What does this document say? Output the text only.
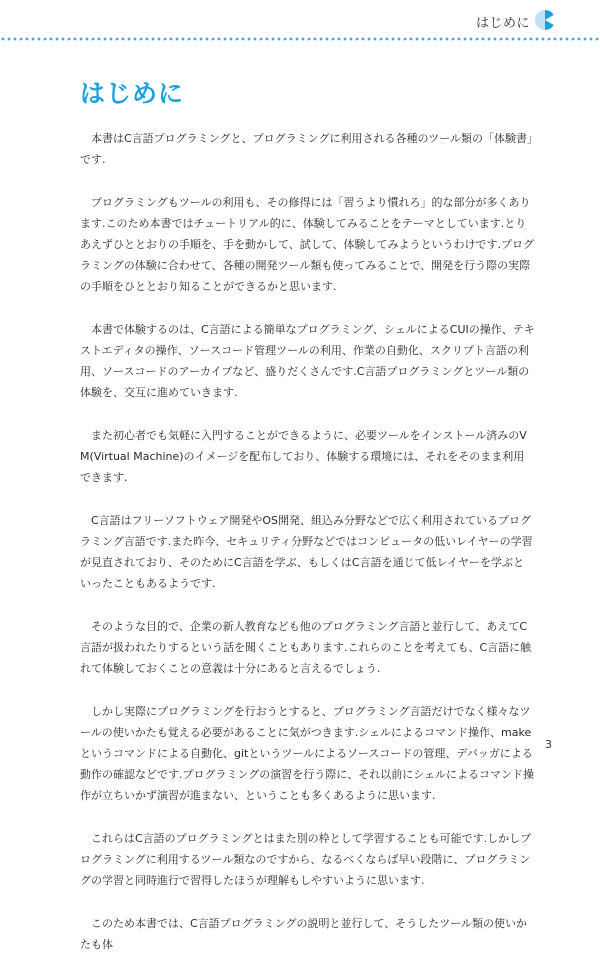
はじめに
はじめに

本書はC言語プログラミングと、プログラミングに利用される各種のツール類の「体験書」です.

プログラミングもツールの利用も、その修得には「習うより慣れろ」的な部分が多くあります.このため本書ではチュートリアル的に、体験してみることをテーマとしています.とりあえずひととおりの手順を、手を動かして、試して、体験してみようというわけです.プログラミングの体験に合わせて、各種の開発ツール類も使ってみることで、開発を行う際の実際の手順をひととおり知ることができるかと思います.

本書で体験するのは、C言語による簡単なプログラミング、シェルによるCUIの操作、テキストエディタの操作、ソースコード管理ツールの利用、作業の自動化、スクリプト言語の利用、ソースコードのアーカイブなど、盛りだくさんです.C言語プログラミングとツール類の体験を、交互に進めていきます.

また初心者でも気軽に入門することができるように、必要ツールをインストール済みのVM(Virtual Machine)のイメージを配布しており、体験する環境には、それをそのまま利用できます.

C言語はフリーソフトウェア開発やOS開発、組込み分野などで広く利用されているプログラミング言語です.また昨今、セキュリティ分野などではコンピュータの低いレイヤーの学習が見直されており、そのためにC言語を学ぶ、もしくはC言語を通じて低レイヤーを学ぶといったこともあるようです.

そのような目的で、企業の新人教育なども他のプログラミング言語と並行して、あえてC言語が扱われたりするという話を聞くこともあります.これらのことを考えても、C言語に触れて体験しておくことの意義は十分にあると言えるでしょう.

しかし実際にプログラミングを行おうとすると、プログラミング言語だけでなく様々なツールの使いかたも覚える必要があることに気がつきます.シェルによるコマンド操作、makeというコマンドによる自動化、gitというツールによるソースコードの管理、デバッガによる動作の確認などです.プログラミングの演習を行う際に、それ以前にシェルによるコマンド操作が立ちいかず演習が進まない、ということも多くあるように思います.

これらはC言語のプログラミングとはまた別の枠として学習することも可能です.しかしプログラミングに利用するツール類なのですから、なるべくならば早い段階に、プログラミングの学習と同時進行で習得したほうが理解もしやすいように思います.

このため本書では、C言語プログラミングの説明と並行して、そうしたツール類の使いかたも体

3
